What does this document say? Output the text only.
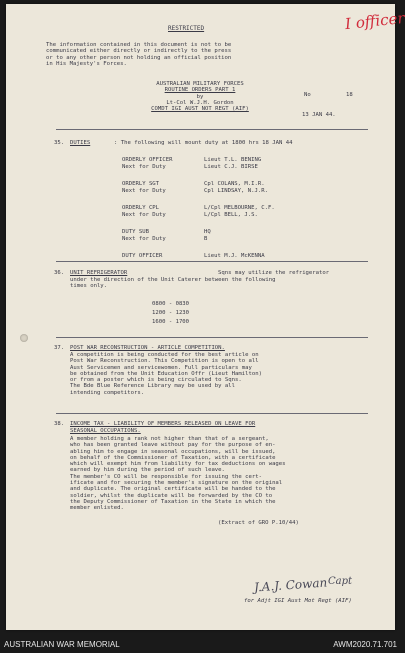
I officer
RESTRICTED
The information contained in this document is not to be
communicated either directly or indirectly to the press
or to any other person not holding an official position
in His Majesty's Forces.
AUSTRALIAN MILITARY FORCES
ROUTINE ORDERS PART 1
by
Lt-Col W.J.H. Gordon
COMDT IGI AUST NOT REGT (AIF)
No	18
13 JAN 44.
35. DUTIES	: The following will mount duty at 1800 hrs 18 JAN 44
ORDERLY OFFICER	Lieut T.L. BENING
Next for Duty	Lieut C.J. BIRSE
ORDERLY SGT	Cpl COLANS, M.I.R.
Next for Duty	Cpl LINDSAY, N.J.R.
ORDERLY CPL	L/Cpl MELBOURNE, C.F.
Next for Duty	L/Cpl BELL, J.S.
DUTY SUB	HQ
Next for Duty	B
DUTY OFFICER	Lieut M.J. McKENNA
36. UNIT REFRIGERATOR	Sqns may utilize the refrigerator
under the direction of the Unit Caterer between the following
times only.
0800 - 0830
1200 - 1230
1600 - 1700
37. POST WAR RECONSTRUCTION - ARTICLE COMPETITION.
A competition is being conducted for the best article on
Post War Reconstruction. This Competition is open to all
Aust Servicemen and servicewomen. Full particulars may
be obtained from the Unit Education Offr (Lieut Hamilton)
or from a poster which is being circulated to Sqns.
The Bde Blue Reference Library may be used by all
intending competitors.
38. INCOME TAX - LIABILITY OF MEMBERS RELEASED ON LEAVE FOR
SEASONAL OCCUPATIONS.
A member holding a rank not higher than that of a sergeant,
who has been granted leave without pay for the purpose of en-
abling him to engage in seasonal occupations, will be issued,
on behalf of the Commissioner of Taxation, with a certificate
which will exempt him from liability for tax deductions on wages
earned by him during the period of such leave.
The member's CO will be responsible for issuing the cert-
ificate and for securing the member's signature on the original
and duplicate. The original certificate will be handed to the
soldier, whilst the duplicate will be forwarded by the CO to
the Deputy Commissioner of Taxation in the State in which the
member enlisted.
(Extract of GRO P.10/44)
J.A.J. Cowan Capt
for Adjt IGI Aust Mot Regt (AIF)
AUSTRALIAN WAR MEMORIAL	AWM2020.71.701
